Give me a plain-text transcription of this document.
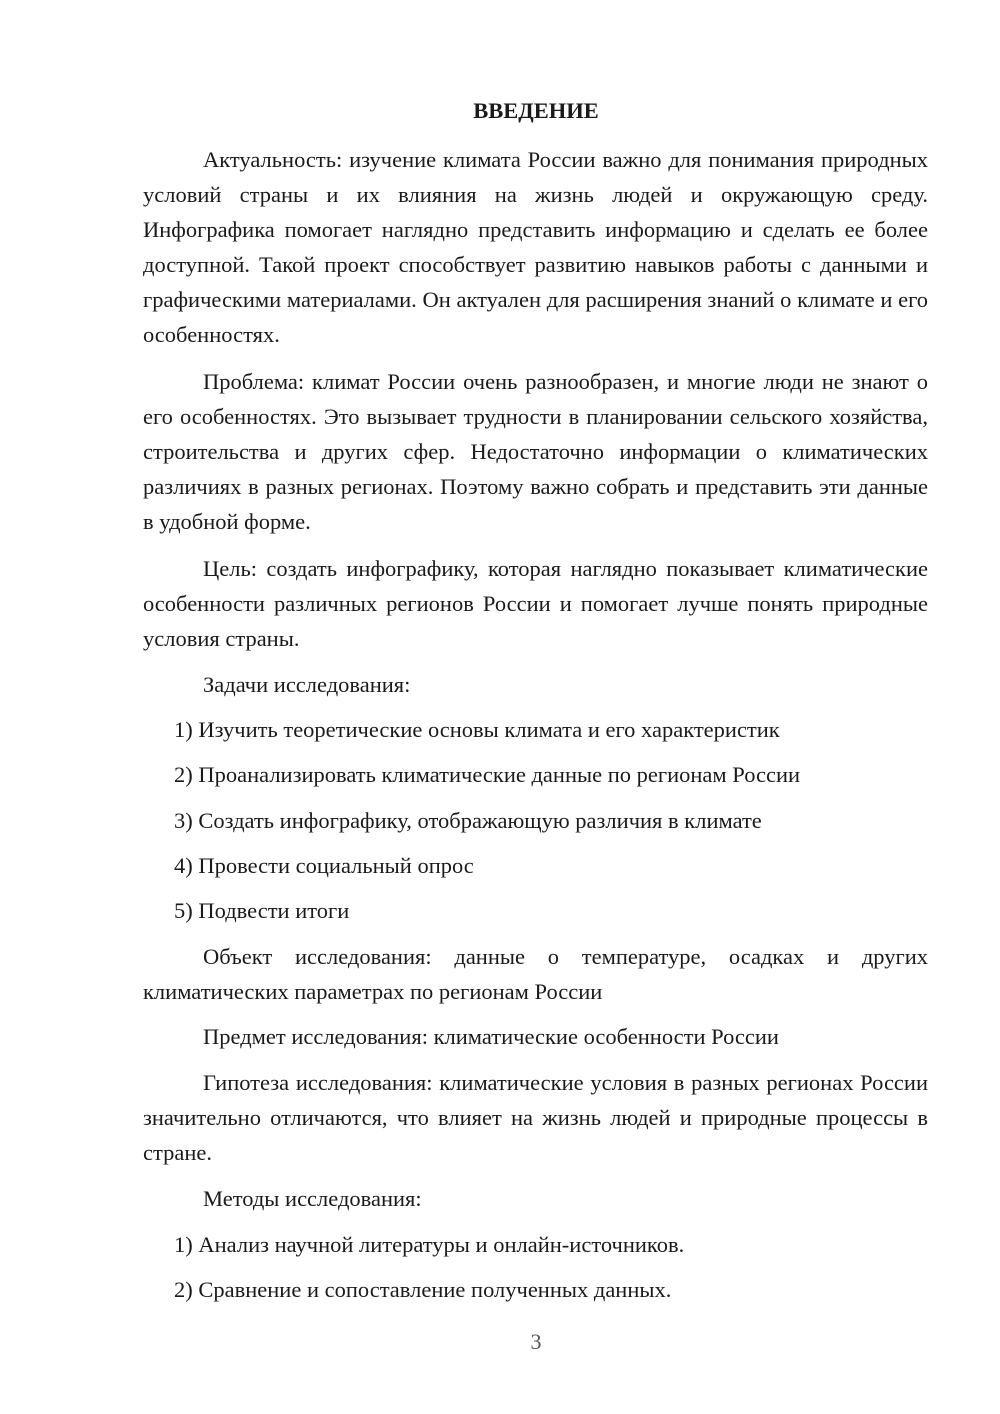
ВВЕДЕНИЕ

Актуальность: изучение климата России важно для понимания природных условий страны и их влияния на жизнь людей и окружающую среду. Инфографика помогает наглядно представить информацию и сделать ее более доступной. Такой проект способствует развитию навыков работы с данными и графическими материалами. Он актуален для расширения знаний о климате и его особенностях.

Проблема: климат России очень разнообразен, и многие люди не знают о его особенностях. Это вызывает трудности в планировании сельского хозяйства, строительства и других сфер. Недостаточно информации о климатических различиях в разных регионах. Поэтому важно собрать и представить эти данные в удобной форме.

Цель: создать инфографику, которая наглядно показывает климатические особенности различных регионов России и помогает лучше понять природные условия страны.

Задачи исследования:

1) Изучить теоретические основы климата и его характеристик

2) Проанализировать климатические данные по регионам России

3) Создать инфографику, отображающую различия в климате

4) Провести социальный опрос

5) Подвести итоги

Объект исследования: данные о температуре, осадках и других климатических параметрах по регионам России

Предмет исследования: климатические особенности России

Гипотеза исследования: климатические условия в разных регионах России значительно отличаются, что влияет на жизнь людей и природные процессы в стране.

Методы исследования:

1) Анализ научной литературы и онлайн-источников.

2) Сравнение и сопоставление полученных данных.

3
